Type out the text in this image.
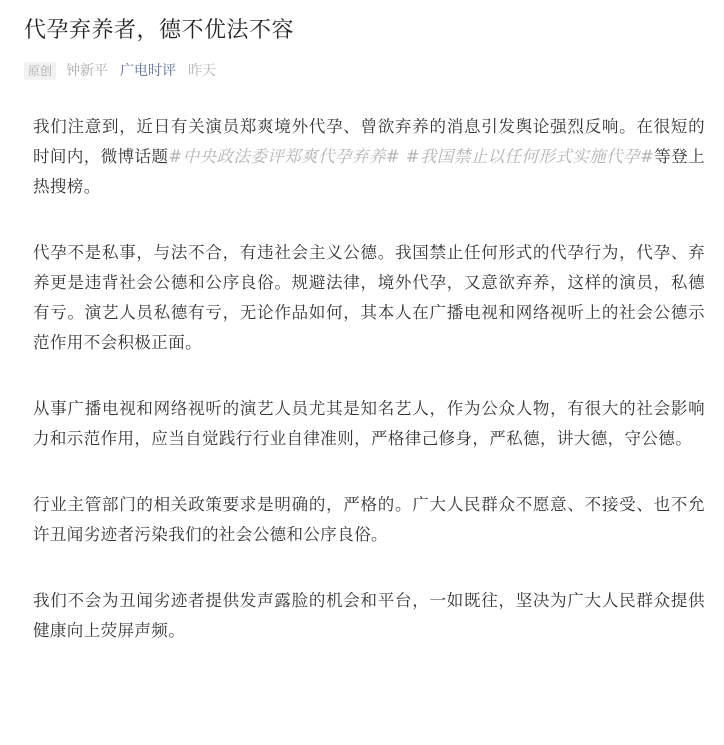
代孕弃养者，德不优法不容
原创 钟新平 广电时评 昨天

我们注意到，近日有关演员郑爽境外代孕、曾欲弃养的消息引发舆论强烈反响。在很短的时间内，微博话题#中央政法委评郑爽代孕弃养# #我国禁止以任何形式实施代孕#等登上热搜榜。

代孕不是私事，与法不合，有违社会主义公德。我国禁止任何形式的代孕行为，代孕、弃养更是违背社会公德和公序良俗。规避法律，境外代孕，又意欲弃养，这样的演员，私德有亏。演艺人员私德有亏，无论作品如何，其本人在广播电视和网络视听上的社会公德示范作用不会积极正面。

从事广播电视和网络视听的演艺人员尤其是知名艺人，作为公众人物，有很大的社会影响力和示范作用，应当自觉践行行业自律准则，严格律己修身，严私德，讲大德，守公德。

行业主管部门的相关政策要求是明确的，严格的。广大人民群众不愿意、不接受、也不允许丑闻劣迹者污染我们的社会公德和公序良俗。

我们不会为丑闻劣迹者提供发声露脸的机会和平台，一如既往，坚决为广大人民群众提供健康向上荧屏声频。
